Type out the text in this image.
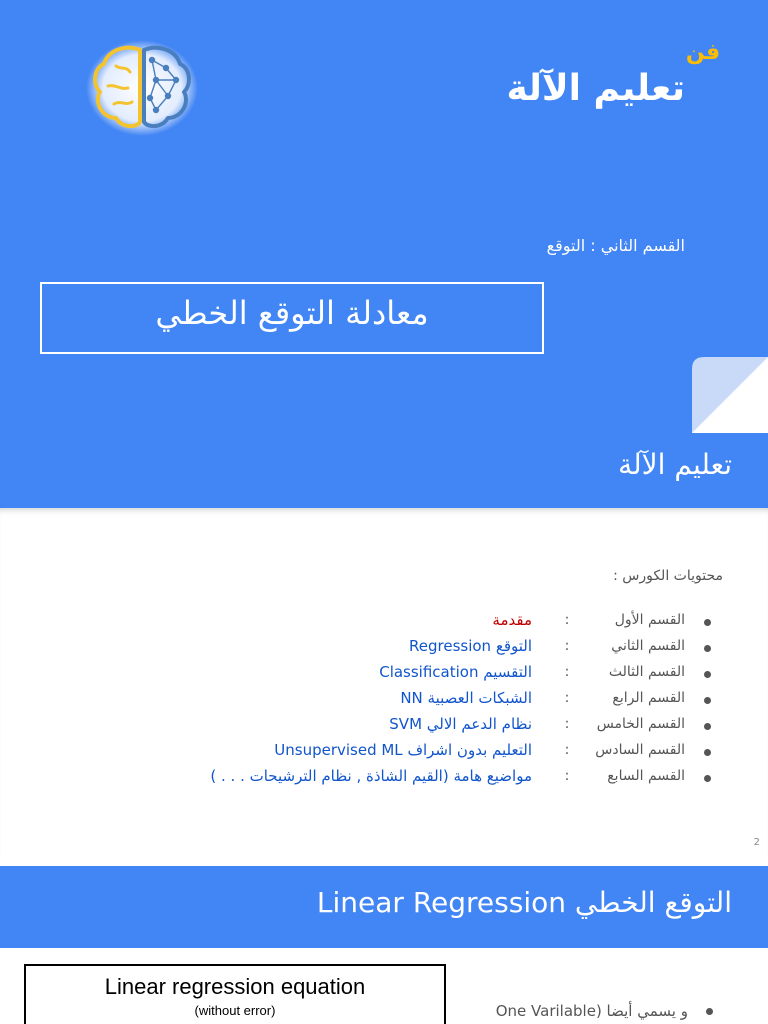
فن
تعليم الآلة
القسم الثاني : التوقع
معادلة التوقع الخطي
تعليم الآلة
محتويات الكورس :
القسم الأول
:
مقدمة
القسم الثاني
:
التوقع Regression
القسم الثالث
:
التقسيم Classification
القسم الرابع
:
الشبكات العصبية NN
القسم الخامس
:
نظام الدعم الالي SVM
القسم السادس
:
التعليم بدون اشراف Unsupervised ML
القسم السابع
:
مواضيع هامة (القيم الشاذة , نظام الترشيحات . . . )
2
التوقع الخطي Linear Regression
Linear regression equation
(without error)	و يسمي أيضا (One Varilable
